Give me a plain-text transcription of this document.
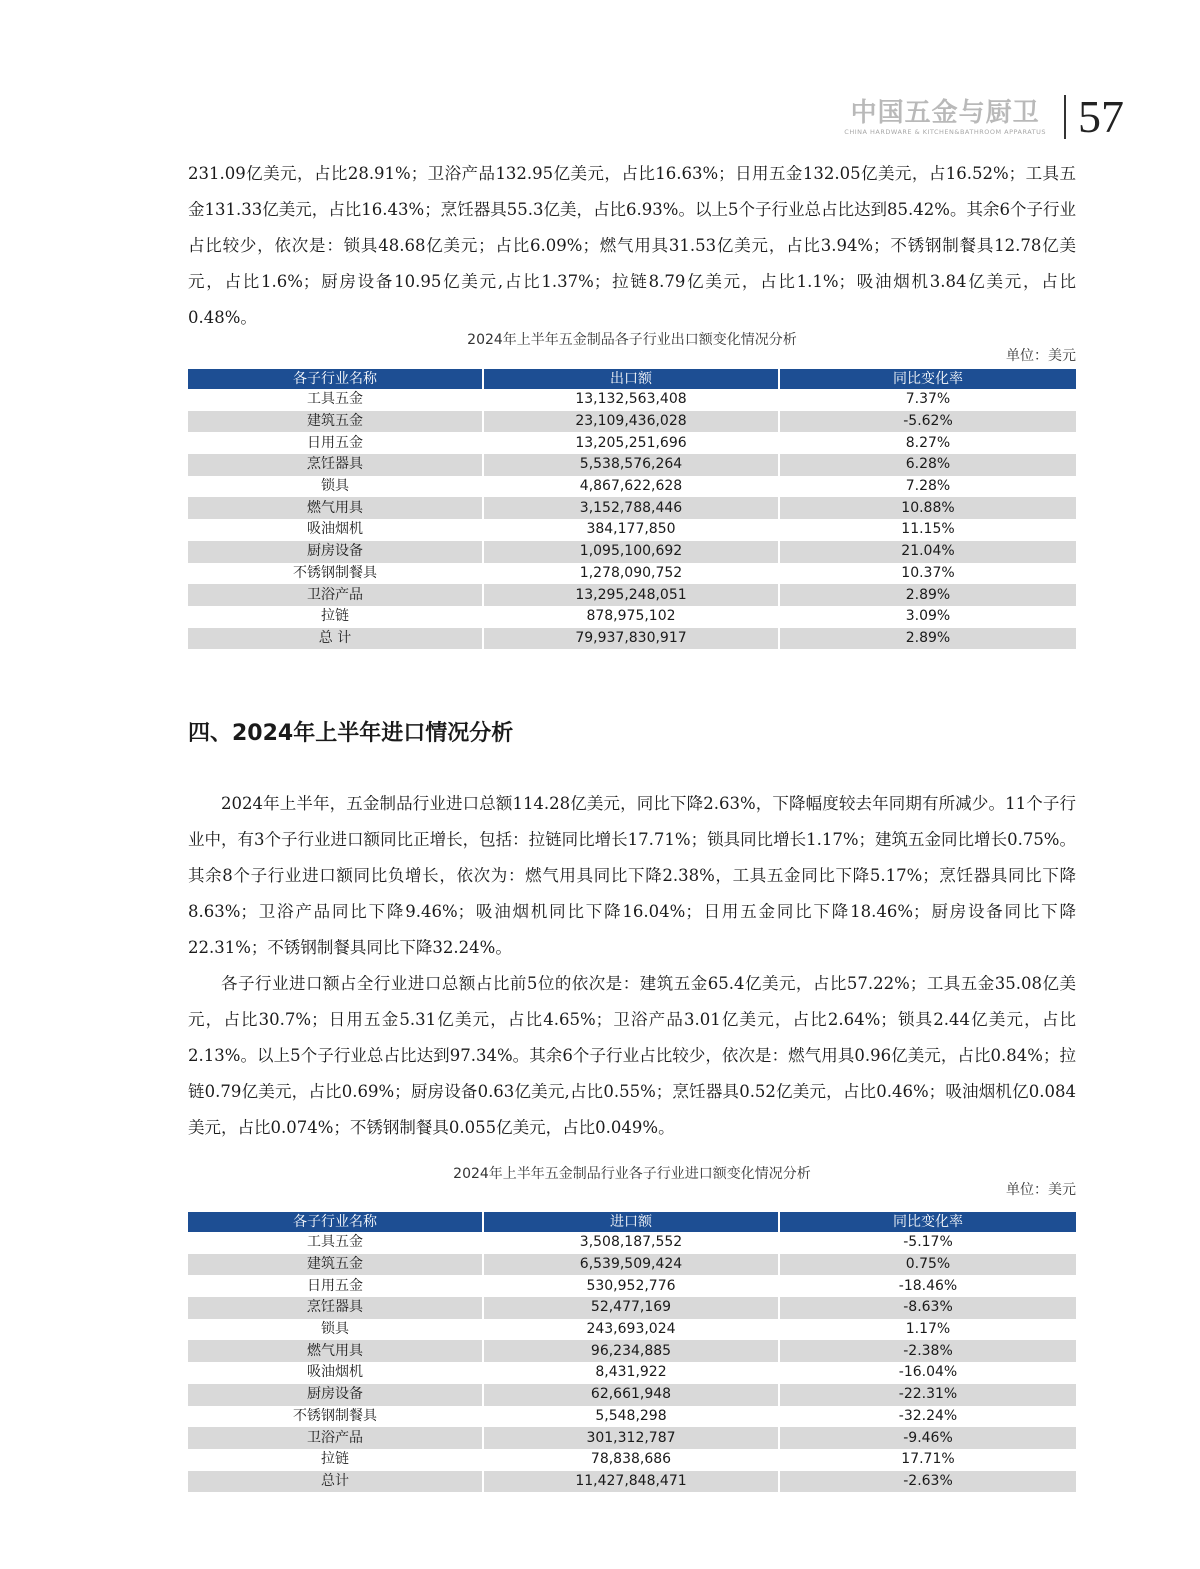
中国五金与厨卫
CHINA HARDWARE & KITCHEN&BATHROOM APPARATUS 57

231.09亿美元，占比28.91%；卫浴产品132.95亿美元，占比16.63%；日用五金132.05亿美元，占16.52%；工具五金131.33亿美元，占比16.43%；烹饪器具55.3亿美，占比6.93%。以上5个子行业总占比达到85.42%。其余6个子行业占比较少，依次是：锁具48.68亿美元；占比6.09%；燃气用具31.53亿美元，占比3.94%；不锈钢制餐具12.78亿美元，占比1.6%；厨房设备10.95亿美元,占比1.37%；拉链8.79亿美元，占比1.1%；吸油烟机3.84亿美元，占比0.48%。

2024年上半年五金制品各子行业出口额变化情况分析
单位：美元
各子行业名称	出口额	同比变化率
工具五金	13,132,563,408	7.37%
建筑五金	23,109,436,028	-5.62%
日用五金	13,205,251,696	8.27%
烹饪器具	5,538,576,264	6.28%
锁具	4,867,622,628	7.28%
燃气用具	3,152,788,446	10.88%
吸油烟机	384,177,850	11.15%
厨房设备	1,095,100,692	21.04%
不锈钢制餐具	1,278,090,752	10.37%
卫浴产品	13,295,248,051	2.89%
拉链	878,975,102	3.09%
总 计	79,937,830,917	2.89%
四、2024年上半年进口情况分析

2024年上半年，五金制品行业进口总额114.28亿美元，同比下降2.63%，下降幅度较去年同期有所减少。11个子行业中，有3个子行业进口额同比正增长，包括：拉链同比增长17.71%；锁具同比增长1.17%；建筑五金同比增长0.75%。其余8个子行业进口额同比负增长，依次为：燃气用具同比下降2.38%，工具五金同比下降5.17%；烹饪器具同比下降8.63%；卫浴产品同比下降9.46%；吸油烟机同比下降16.04%；日用五金同比下降18.46%；厨房设备同比下降22.31%；不锈钢制餐具同比下降32.24%。

各子行业进口额占全行业进口总额占比前5位的依次是：建筑五金65.4亿美元，占比57.22%；工具五金35.08亿美元，占比30.7%；日用五金5.31亿美元，占比4.65%；卫浴产品3.01亿美元，占比2.64%；锁具2.44亿美元，占比2.13%。以上5个子行业总占比达到97.34%。其余6个子行业占比较少，依次是：燃气用具0.96亿美元，占比0.84%；拉链0.79亿美元，占比0.69%；厨房设备0.63亿美元,占比0.55%；烹饪器具0.52亿美元，占比0.46%；吸油烟机亿0.084美元，占比0.074%；不锈钢制餐具0.055亿美元，占比0.049%。

2024年上半年五金制品行业各子行业进口额变化情况分析
单位：美元
各子行业名称	进口额	同比变化率
工具五金	3,508,187,552	-5.17%
建筑五金	6,539,509,424	0.75%
日用五金	530,952,776	-18.46%
烹饪器具	52,477,169	-8.63%
锁具	243,693,024	1.17%
燃气用具	96,234,885	-2.38%
吸油烟机	8,431,922	-16.04%
厨房设备	62,661,948	-22.31%
不锈钢制餐具	5,548,298	-32.24%
卫浴产品	301,312,787	-9.46%
拉链	78,838,686	17.71%
总计	11,427,848,471	-2.63%
